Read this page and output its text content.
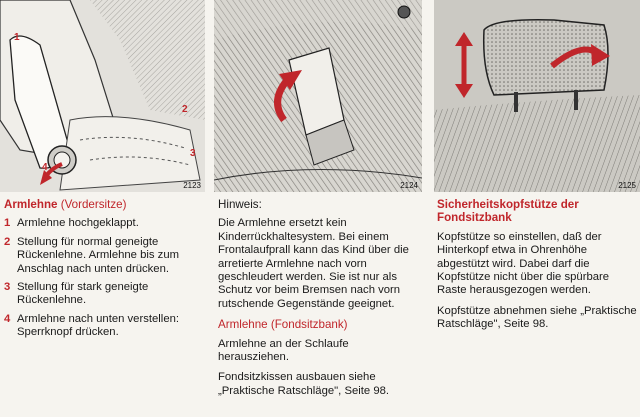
1
2
3
4
2123	2124	2125
Armlehne (Vordersitze)
1 Armlehne hochgeklappt.
2 Stellung für normal geneigte Rückenlehne. Armlehne bis zum Anschlag nach unten drücken.
3 Stellung für stark geneigte Rückenlehne.
4 Armlehne nach unten verstellen: Sperrknopf drücken.
Hinweis:

Die Armlehne ersetzt kein Kinderrückhaltesystem. Bei einem Frontalaufprall kann das Kind über die arretierte Armlehne nach vorn geschleudert werden. Sie ist nur als Schutz vor beim Bremsen nach vorn rutschende Gegenstände geeignet.

Armlehne (Fondsitzbank)

Armlehne an der Schlaufe herausziehen.

Fondsitzkissen ausbauen siehe „Praktische Ratschläge", Seite 98.

Sicherheitskopfstütze der
Fondsitzbank

Kopfstütze so einstellen, daß der Hinterkopf etwa in Ohrenhöhe abgestützt wird. Dabei darf die Kopfstütze nicht über die spürbare Raste herausgezogen werden.

Kopfstütze abnehmen siehe „Praktische Ratschläge", Seite 98.
